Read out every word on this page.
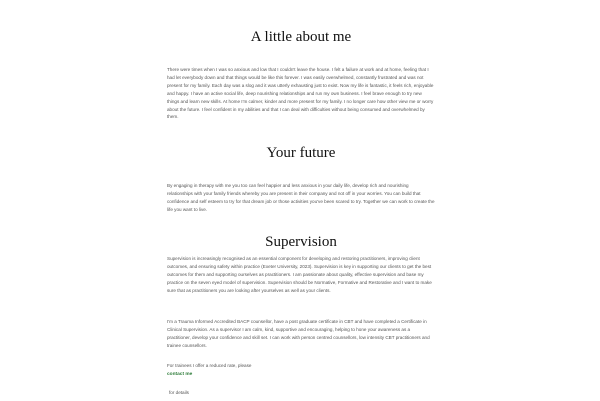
A little about me

There were times when I was so anxious and low that I couldn't leave the house. I felt a failure at work and at home, feeling that I had let everybody down and that things would be like this forever. I was easily overwhelmed, constantly frustrated and was not present for my family. Each day was a slog and it was utterly exhausting just to exist. Now my life is fantastic, it feels rich, enjoyable and happy. I have an active social life, deep nourishing relationships and run my own business. I feel brave enough to try new things and learn new skills. At home I'm calmer, kinder and more present for my family. I no longer care how other view me or worry about the future. I feel confident in my abilities and that I can deal with difficulties without being consumed and overwhelmed by them.

Your future

By engaging in therapy with me you too can feel happier and less anxious in your daily life, develop rich and nourishing relationships with your family friends whereby you are present in their company and not off in your worries. You can build that confidence and self esteem to try for that dream job or those activities you've been scared to try. Together we can work to create the life you want to live.

Supervision

Supervision is increasingly recognised as an essential component for developing and restoring practitioners, improving client outcomes, and ensuring safety within practice (Exeter University, 2023). Supervision is key in supporting our clients to get the best outcomes for them and supporting ourselves as practitioners. I am passionate about quality, effective supervision and base my practice on the seven eyed model of supervision. Supervision should be Normative, Formative and Restorative and I want to make sure that as practitioners you are looking after yourselves as well as your clients.

I'm a Trauma Informed Accredited BACP counsellor, have a post graduate certificate in CBT and have completed a Certificate in Clinical Supervision. As a supervisor I am calm, kind, supportive and encouraging, helping to hone your awareness as a practitioner, develop your confidence and skill set. I can work with person centred counsellors, low intensity CBT practitioners and trainee counsellors.

For trainees I offer a reduced rate, please

contact me

for details
